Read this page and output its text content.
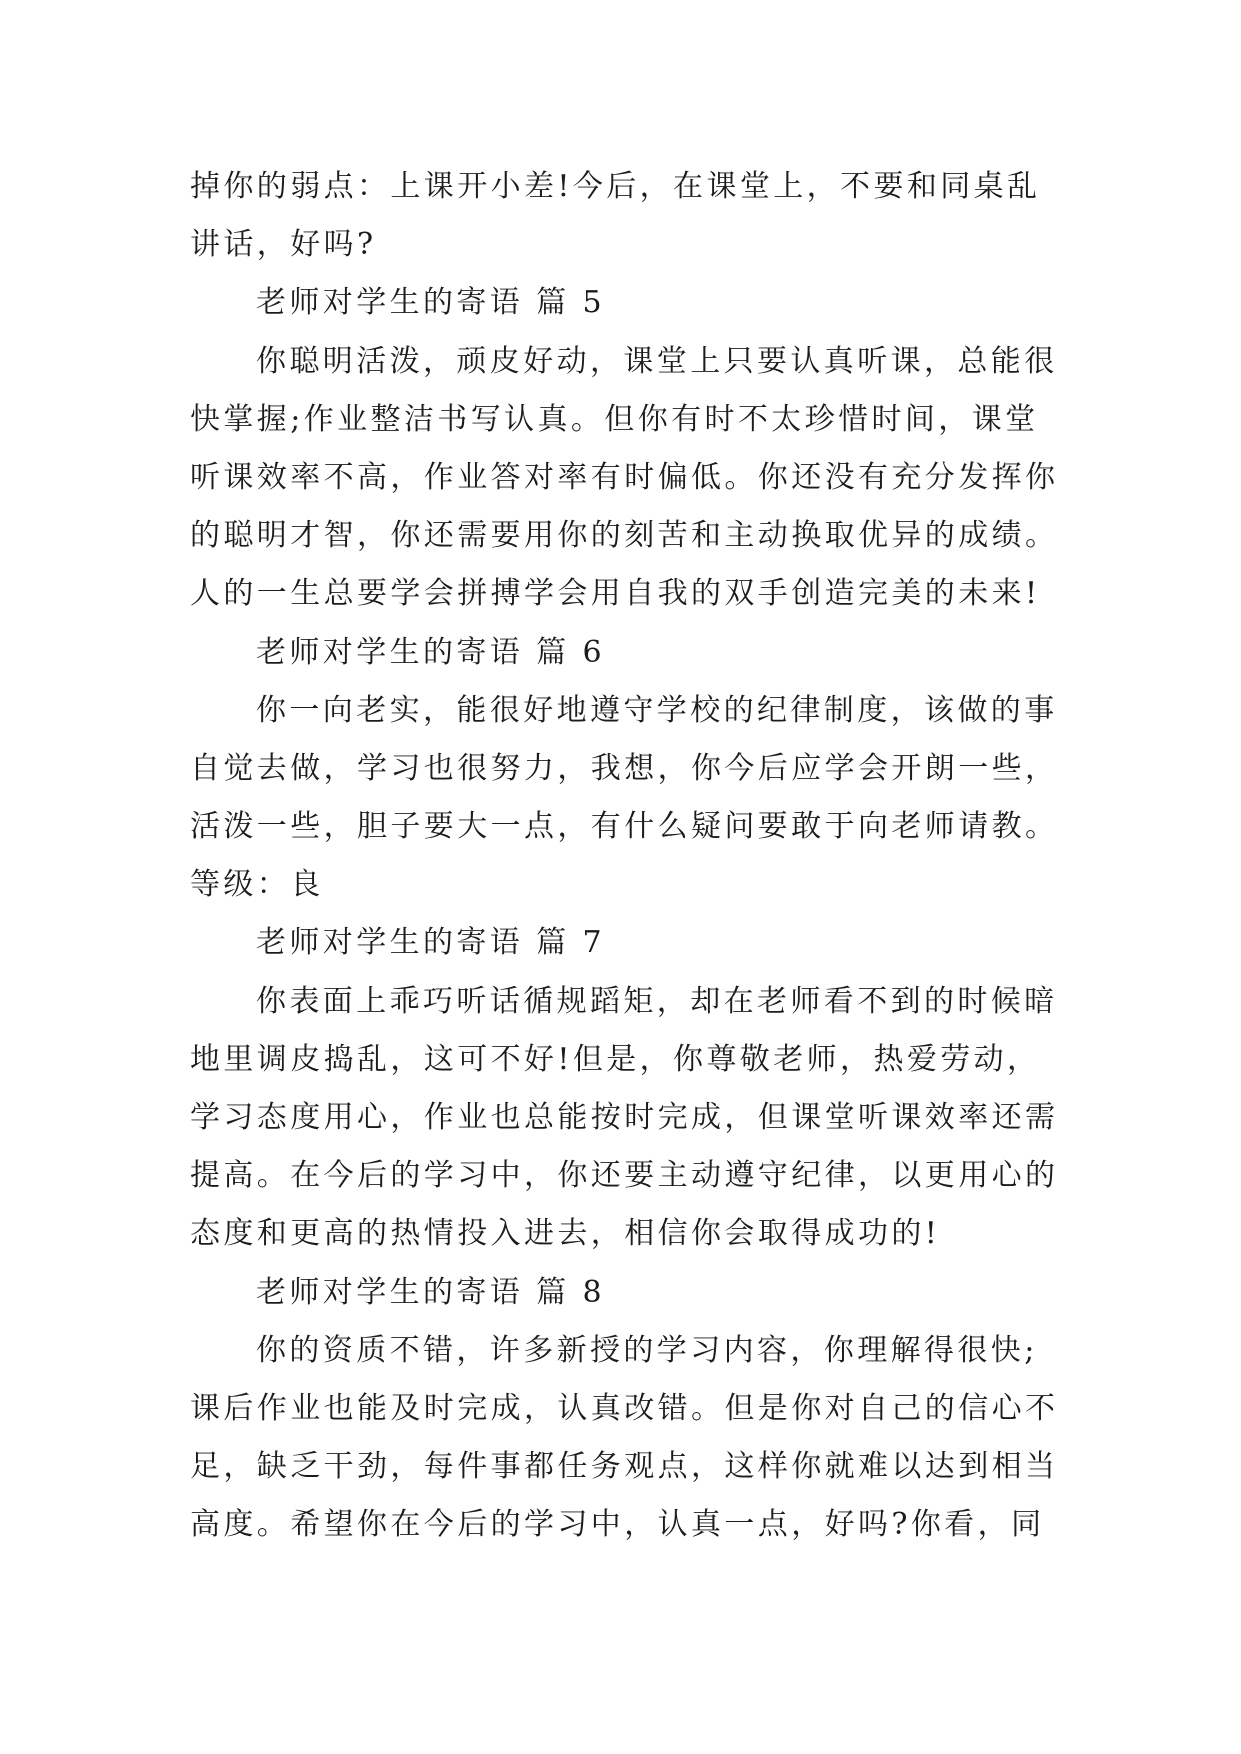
掉你的弱点：上课开小差!今后，在课堂上，不要和同桌乱
讲话，好吗?
老师对学生的寄语 篇 5
你聪明活泼，顽皮好动，课堂上只要认真听课，总能很
快掌握;作业整洁书写认真。但你有时不太珍惜时间，课堂
听课效率不高，作业答对率有时偏低。你还没有充分发挥你
的聪明才智，你还需要用你的刻苦和主动换取优异的成绩。
人的一生总要学会拼搏学会用自我的双手创造完美的未来!
老师对学生的寄语 篇 6
你一向老实，能很好地遵守学校的纪律制度，该做的事
自觉去做，学习也很努力，我想，你今后应学会开朗一些，
活泼一些，胆子要大一点，有什么疑问要敢于向老师请教。
等级：良
老师对学生的寄语 篇 7
你表面上乖巧听话循规蹈矩，却在老师看不到的时候暗
地里调皮捣乱，这可不好!但是，你尊敬老师，热爱劳动，
学习态度用心，作业也总能按时完成，但课堂听课效率还需
提高。在今后的学习中，你还要主动遵守纪律，以更用心的
态度和更高的热情投入进去，相信你会取得成功的!
老师对学生的寄语 篇 8
你的资质不错，许多新授的学习内容，你理解得很快;
课后作业也能及时完成，认真改错。但是你对自己的信心不
足，缺乏干劲，每件事都任务观点，这样你就难以达到相当
高度。希望你在今后的学习中，认真一点，好吗?你看，同
